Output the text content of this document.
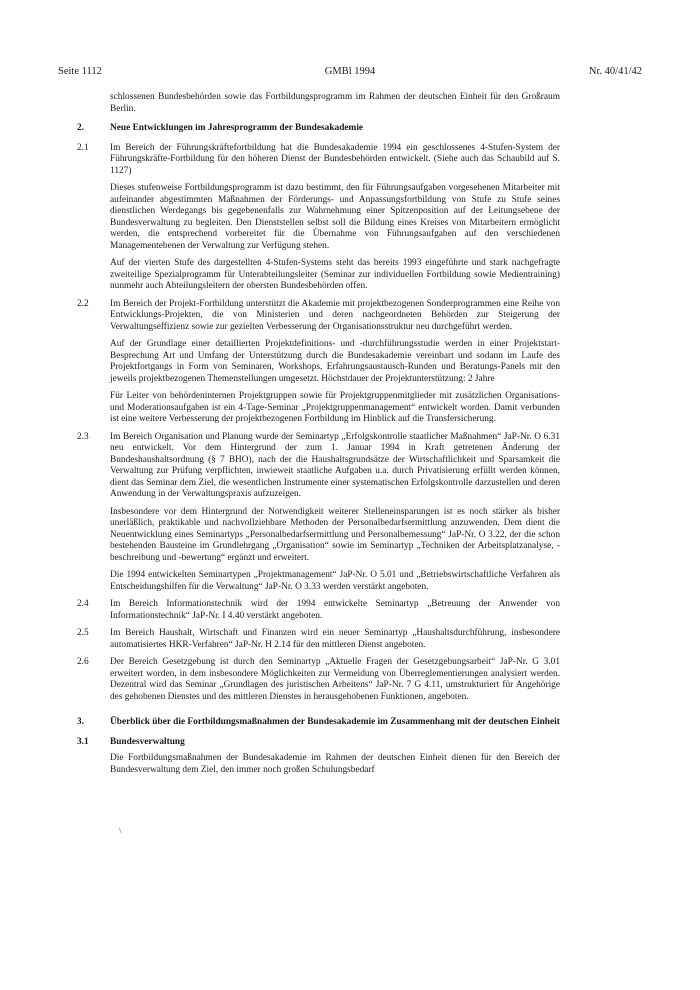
Seite 1112	GMBl 1994	Nr. 40/41/42

schlossenen Bundesbehörden sowie das Fortbildungsprogramm im Rahmen der deutschen Einheit für den Großraum Berlin.

2.	Neue Entwicklungen im Jahresprogramm der Bundesakademie
2.1 Im Bereich der Führungskräftefortbildung hat die Bundesakademie 1994 ein geschlossenes 4-Stufen-System der Führungskräfte-Fortbildung für den höheren Dienst der Bundesbehörden entwickelt. (Siehe auch das Schaubild auf S. 1127)

Dieses stufenweise Fortbildungsprogramm ist dazu bestimmt, den für Führungsaufgaben vorgesehenen Mitarbeiter mit aufeinander abgestimmten Maßnahmen der Förderungs- und Anpassungsfortbildung von Stufe zu Stufe seines dienstlichen Werdegangs bis gegebenenfalls zur Wahrnehmung einer Spitzenposition auf der Leitungsebene der Bundesverwaltung zu begleiten. Den Dienststellen selbst soll die Bildung eines Kreises von Mitarbeitern ermöglicht werden, die entsprechend vorbereitet für die Übernahme von Führungsaufgaben auf den verschiedenen Managementebenen der Verwaltung zur Verfügung stehen.

Auf der vierten Stufe des dargestellten 4-Stufen-Systems steht das bereits 1993 eingeführte und stark nachgefragte zweiteilige Spezialprogramm für Unterabteilungsleiter (Seminar zur individuellen Fortbildung sowie Medientraining) nunmehr auch Abteilungsleitern der obersten Bundesbehörden offen.

2.2 Im Bereich der Projekt-Fortbildung unterstützt die Akademie mit projektbezogenen Sonderprogrammen eine Reihe von Entwicklungs-Projekten, die von Ministerien und deren nachgeordneten Behörden zur Steigerung der Verwaltungseffizienz sowie zur gezielten Verbesserung der Organisationsstruktur neu durchgeführt werden.

Auf der Grundlage einer detaillierten Projektdefinitions- und -durchführungsstudie werden in einer Projektstart-Besprechung Art und Umfang der Unterstützung durch die Bundesakademie vereinbart und sodann im Laufe des Projektfortgangs in Form von Seminaren, Workshops, Erfahrungsaustausch-Runden und Beratungs-Panels mit den jeweils projektbezogenen Themenstellungen umgesetzt. Höchstdauer der Projektunterstützung: 2 Jahre

Für Leiter von behördeninternen Projektgruppen sowie für Projektgruppenmitglieder mit zusätzlichen Organisations- und Moderationsaufgaben ist ein 4-Tage-Seminar „Projektgruppenmanagement“ entwickelt worden. Damit verbunden ist eine weitere Verbesserung der projektbezogenen Fortbildung im Hinblick auf die Transfersicherung.

2.3 Im Bereich Organisation und Planung wurde der Seminartyp „Erfolgskontrolle staatlicher Maßnahmen“ JaP-Nr. O 6.31 neu entwickelt. Vor dem Hintergrund der zum 1. Januar 1994 in Kraft getretenen Änderung der Bundeshaushaltsordnung (§ 7 BHO), nach der die Haushaltsgrundsätze der Wirtschaftlichkeit und Sparsamkeit die Verwaltung zur Prüfung verpflichten, inwieweit staatliche Aufgaben u.a. durch Privatisierung erfüllt werden können, dient das Seminar dem Ziel, die wesentlichen Instrumente einer systematischen Erfolgskontrolle darzustellen und deren Anwendung in der Verwaltungspraxis aufzuzeigen.

Insbesondere vor dem Hintergrund der Notwendigkeit weiterer Stelleneinsparungen ist es noch stärker als bisher unerläßlich, praktikable und nachvollziehbare Methoden der Personalbedarfsermittlung anzuwenden. Dem dient die Neuentwicklung eines Seminartyps „Personalbedarfsermittlung und Personalbemessung“ JaP-Nr. O 3.22, der die schon bestehenden Bausteine im Grundlehrgang „Organisation“ sowie im Seminartyp „Techniken der Arbeitsplatzanalyse, -beschreibung und -bewertung“ ergänzt und erweitert.

Die 1994 entwickelten Seminartypen „Projektmanagement“ JaP-Nr. O 5.01 und „Betriebswirtschaftliche Verfahren als Entscheidungshilfen für die Verwaltung“ JaP-Nr. O 3.33 werden verstärkt angeboten.

2.4 Im Bereich Informationstechnik wird der 1994 entwickelte Seminartyp „Betreuung der Anwender von Informationstechnik“ JaP-Nr. I 4.40 verstärkt angeboten.

2.5 Im Bereich Haushalt, Wirtschaft und Finanzen wird ein neuer Seminartyp „Haushaltsdurchführung, insbesondere automatisiertes HKR-Verfahren“ JaP-Nr. H 2.14 für den mittleren Dienst angeboten.

2.6 Der Bereich Gesetzgebung ist durch den Seminartyp „Aktuelle Fragen der Gesetzgebungsarbeit“ JaP-Nr. G 3.01 erweitert worden, in dem insbesondere Möglichkeiten zur Vermeidung von Überreglementierungen analysiert werden. Dezentral wird das Seminar „Grundlagen des juristischen Arbeitens“ JaP-Nr. 7 G 4.11, umstrukturiert für Angehörige des gehobenen Dienstes und des mittleren Dienstes in herausgehobenen Funktionen, angeboten.

3.	Überblick über die Fortbildungsmaßnahmen der Bundesakademie im Zusammenhang mit der deutschen Einheit
3.1 Bundesverwaltung

Die Fortbildungsmaßnahmen der Bundesakademie im Rahmen der deutschen Einheit dienen für den Bereich der Bundesverwaltung dem Ziel, den immer noch großen Schulungsbedarf

\
